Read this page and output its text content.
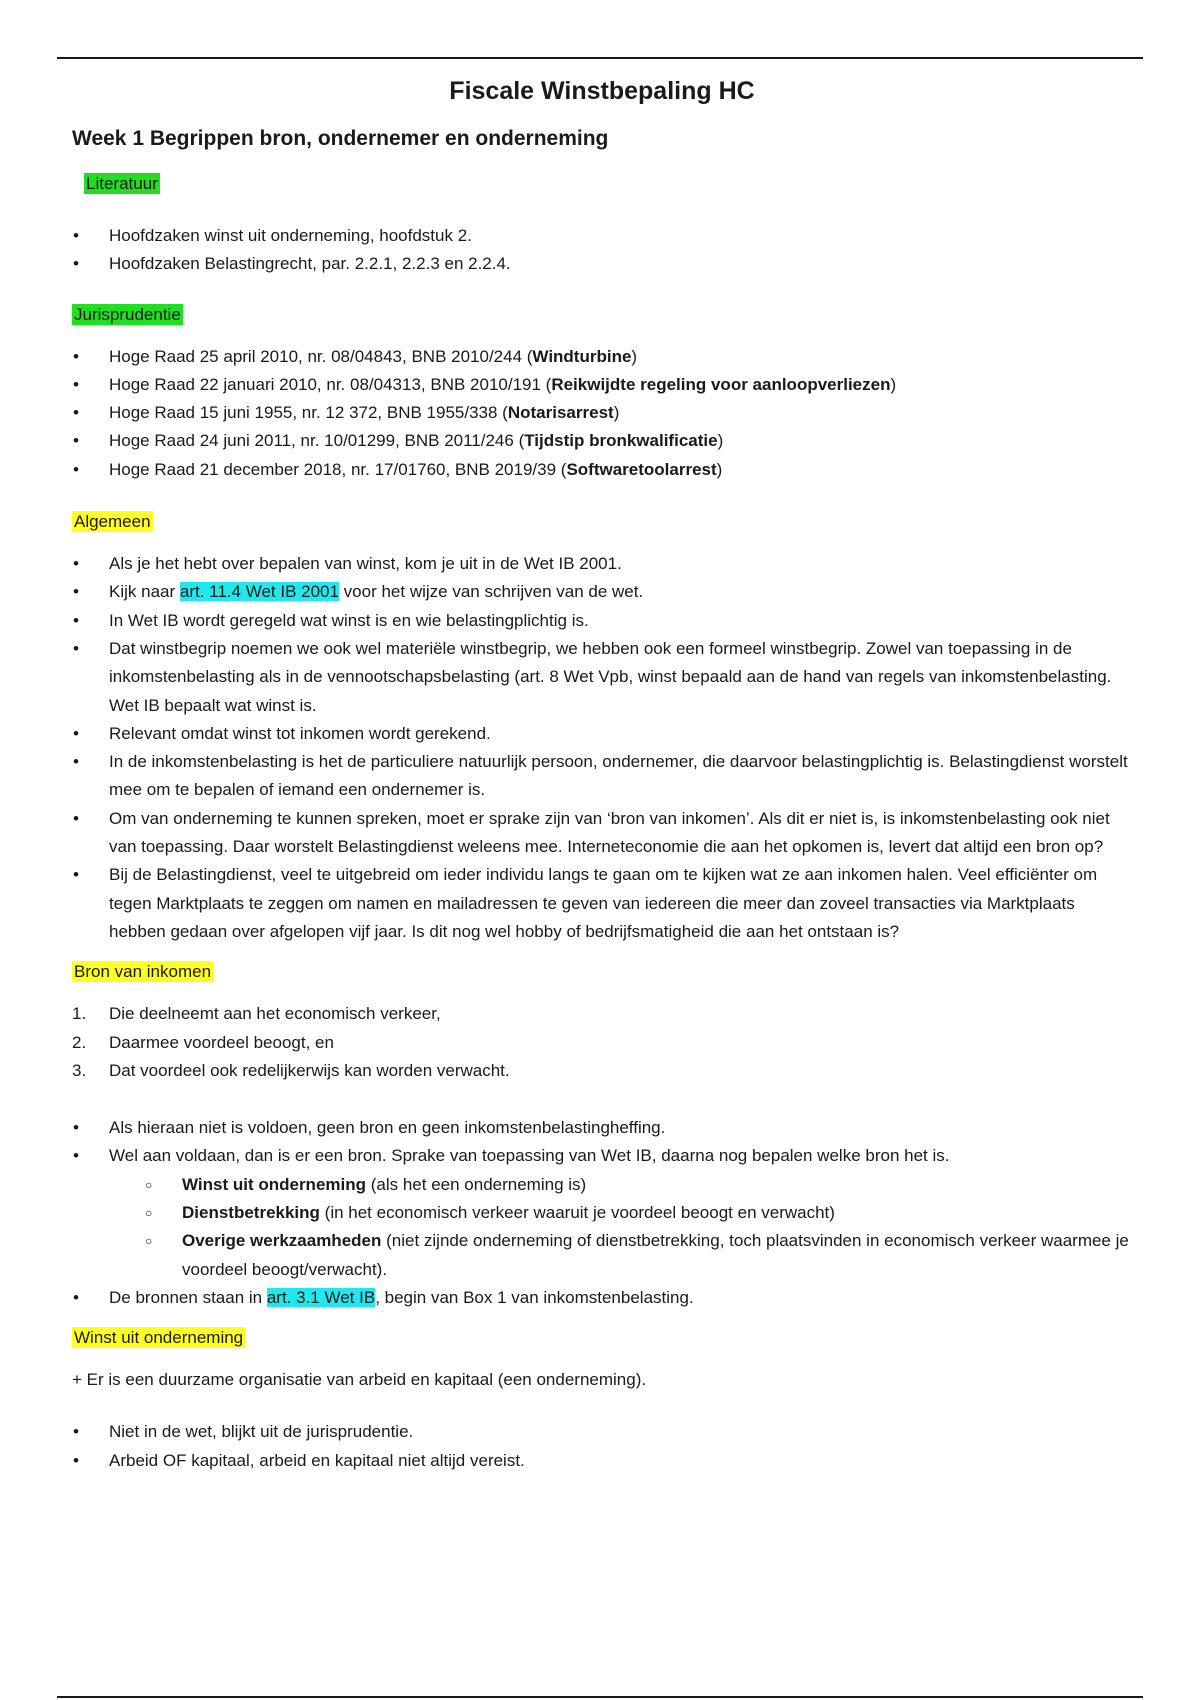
Fiscale Winstbepaling HC
Week 1 Begrippen bron, ondernemer en onderneming

Literatuur

• Hoofdzaken winst uit onderneming, hoofdstuk 2.
• Hoofdzaken Belastingrecht, par. 2.2.1, 2.2.3 en 2.2.4.

Jurisprudentie

• Hoge Raad 25 april 2010, nr. 08/04843, BNB 2010/244 (Windturbine)
• Hoge Raad 22 januari 2010, nr. 08/04313, BNB 2010/191 (Reikwijdte regeling voor aanloopverliezen)
• Hoge Raad 15 juni 1955, nr. 12 372, BNB 1955/338 (Notarisarrest)
• Hoge Raad 24 juni 2011, nr. 10/01299, BNB 2011/246 (Tijdstip bronkwalificatie)
• Hoge Raad 21 december 2018, nr. 17/01760, BNB 2019/39 (Softwaretoolarrest)

Algemeen

• Als je het hebt over bepalen van winst, kom je uit in de Wet IB 2001.
• Kijk naar art. 11.4 Wet IB 2001 voor het wijze van schrijven van de wet.
• In Wet IB wordt geregeld wat winst is en wie belastingplichtig is.
• Dat winstbegrip noemen we ook wel materiële winstbegrip, we hebben ook een formeel winstbegrip. Zowel van toepassing in de inkomstenbelasting als in de vennootschapsbelasting (art. 8 Wet Vpb, winst bepaald aan de hand van regels van inkomstenbelasting. Wet IB bepaalt wat winst is.
• Relevant omdat winst tot inkomen wordt gerekend.
• In de inkomstenbelasting is het de particuliere natuurlijk persoon, ondernemer, die daarvoor belastingplichtig is. Belastingdienst worstelt mee om te bepalen of iemand een ondernemer is.
• Om van onderneming te kunnen spreken, moet er sprake zijn van ‘bron van inkomen’. Als dit er niet is, is inkomstenbelasting ook niet van toepassing. Daar worstelt Belastingdienst weleens mee. Interneteconomie die aan het opkomen is, levert dat altijd een bron op?
• Bij de Belastingdienst, veel te uitgebreid om ieder individu langs te gaan om te kijken wat ze aan inkomen halen. Veel efficiënter om tegen Marktplaats te zeggen om namen en mailadressen te geven van iedereen die meer dan zoveel transacties via Marktplaats hebben gedaan over afgelopen vijf jaar. Is dit nog wel hobby of bedrijfsmatigheid die aan het ontstaan is?

Bron van inkomen

1. Die deelneemt aan het economisch verkeer,
2. Daarmee voordeel beoogt, en
3. Dat voordeel ook redelijkerwijs kan worden verwacht.
• Als hieraan niet is voldoen, geen bron en geen inkomstenbelastingheffing.
• Wel aan voldaan, dan is er een bron. Sprake van toepassing van Wet IB, daarna nog bepalen welke bron het is.
○ Winst uit onderneming (als het een onderneming is)
○ Dienstbetrekking (in het economisch verkeer waaruit je voordeel beoogt en verwacht)
○ Overige werkzaamheden (niet zijnde onderneming of dienstbetrekking, toch plaatsvinden in economisch verkeer waarmee je voordeel beoogt/verwacht).
• De bronnen staan in art. 3.1 Wet IB, begin van Box 1 van inkomstenbelasting.

Winst uit onderneming

+ Er is een duurzame organisatie van arbeid en kapitaal (een onderneming).

• Niet in de wet, blijkt uit de jurisprudentie.
• Arbeid OF kapitaal, arbeid en kapitaal niet altijd vereist.
